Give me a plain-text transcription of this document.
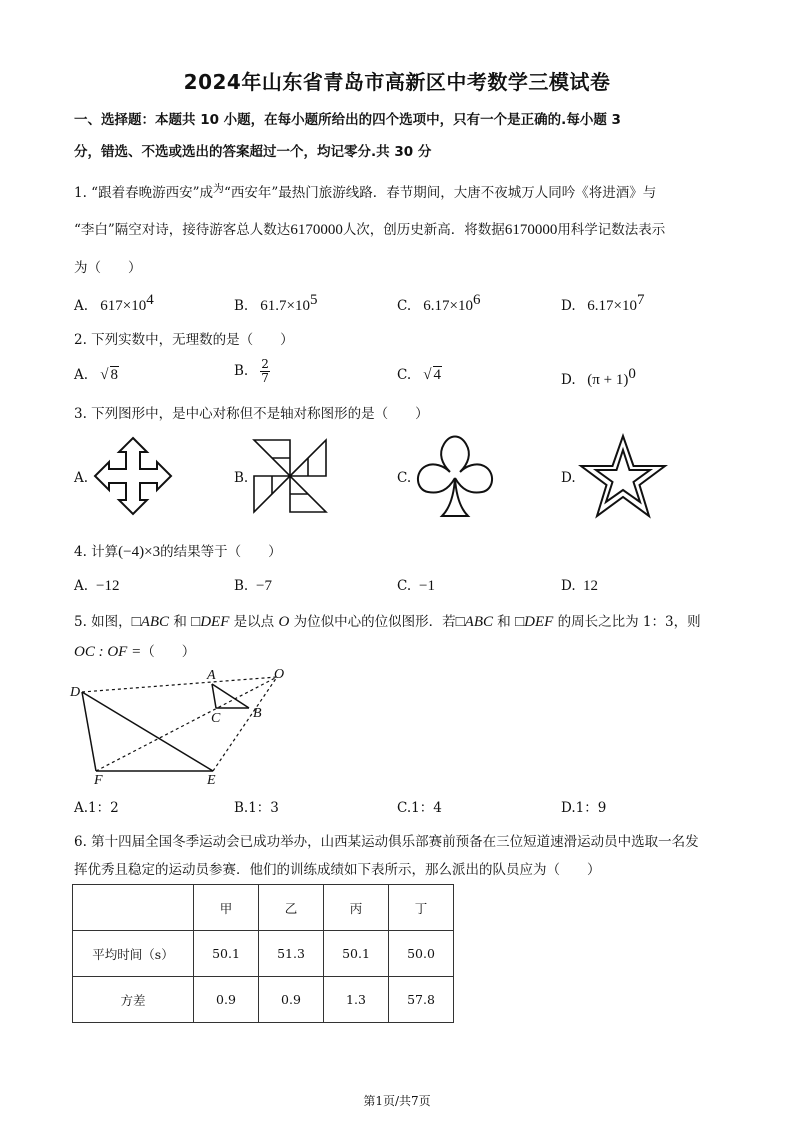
2024年山东省青岛市高新区中考数学三模试卷
一、选择题：本题共 10 小题，在每小题所给出的四个选项中，只有一个是正确的.每小题 3
分，错选、不选或选出的答案超过一个，均记零分.共 30 分
1. “跟着春晚游西安”成$^为$“西安年”最热门旅游线路．春节期间，大唐不夜城万人同吟《将进酒》与
“李白”隔空对诗，接待游客总人数达6170000人次，创历史新高．将数据6170000用科学记数法表示
为（　　）
A. $617\times 10^4$	B. $61.7\times 10^5$	C. $6.17\times 10^6$	D. $6.17\times 10^7$
2. 下列实数中，无理数的是（　　）
A. √ 8	B. $\frac{2}{7}$	C. √ 4	D. $(\pi + 1)^0$
3. 下列图形中，是中心对称但不是轴对称图形的是（　　）
A.	B.	C.	D.
4. 计算(−4)×3的结果等于（　　）
A. −12	B. −7	C. −1	D. 12
5. 如图，□ABC 和 □DEF 是以点 O 为位似中心的位似图形．若□ABC 和 □DEF 的周长之比为 1：3，则
OC : OF =（　　）
A
B
C
D
E
F
O
A.1：2	B.1：3	C.1：4	D.1：9
6. 第十四届全国冬季运动会已成功举办，山西某运动俱乐部赛前预备在三位短道速滑运动员中选取一名发
挥优秀且稳定的运动员参赛．他们的训练成绩如下表所示，那么派出的队员应为（　　）
	甲	乙	丙	丁
平均时间（s）	50.1	51.3	50.1	50.0
方差	0.9	0.9	1.3	57.8
第1页/共7页
